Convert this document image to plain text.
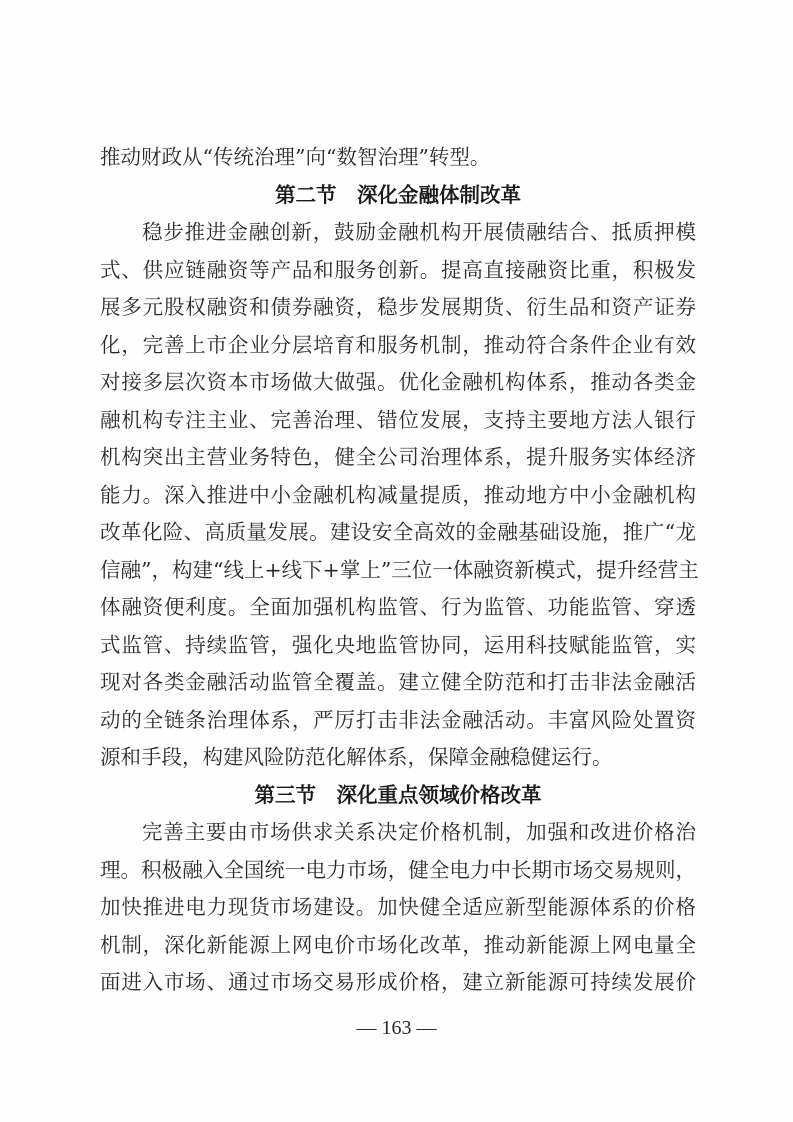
推动财政从“传统治理”向“数智治理”转型。
第二节　深化金融体制改革
稳步推进金融创新，鼓励金融机构开展债融结合、抵质押模
式、供应链融资等产品和服务创新。提高直接融资比重，积极发
展多元股权融资和债券融资，稳步发展期货、衍生品和资产证券
化，完善上市企业分层培育和服务机制，推动符合条件企业有效
对接多层次资本市场做大做强。优化金融机构体系，推动各类金
融机构专注主业、完善治理、错位发展，支持主要地方法人银行
机构突出主营业务特色，健全公司治理体系，提升服务实体经济
能力。深入推进中小金融机构减量提质，推动地方中小金融机构
改革化险、高质量发展。建设安全高效的金融基础设施，推广“龙
信融”，构建“线上+线下+掌上”三位一体融资新模式，提升经营主
体融资便利度。全面加强机构监管、行为监管、功能监管、穿透
式监管、持续监管，强化央地监管协同，运用科技赋能监管，实
现对各类金融活动监管全覆盖。建立健全防范和打击非法金融活
动的全链条治理体系，严厉打击非法金融活动。丰富风险处置资
源和手段，构建风险防范化解体系，保障金融稳健运行。
第三节　深化重点领域价格改革
完善主要由市场供求关系决定价格机制，加强和改进价格治
理。积极融入全国统一电力市场，健全电力中长期市场交易规则，
加快推进电力现货市场建设。加快健全适应新型能源体系的价格
机制，深化新能源上网电价市场化改革，推动新能源上网电量全
面进入市场、通过市场交易形成价格，建立新能源可持续发展价
— 163 —
